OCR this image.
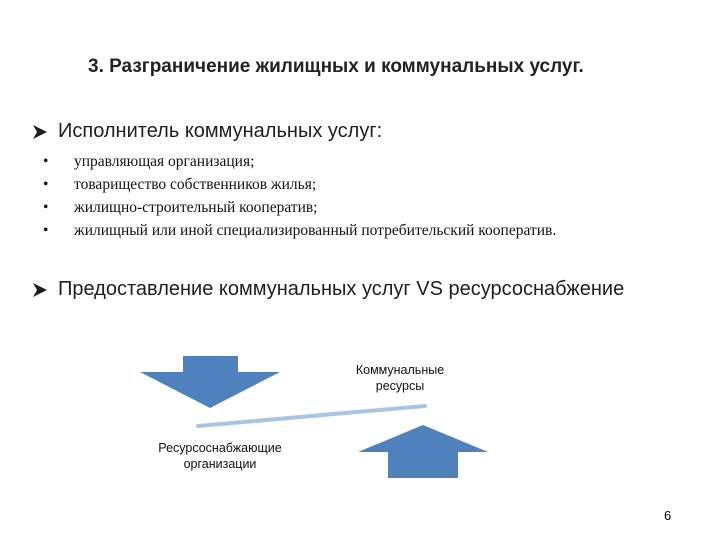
3. Разграничение жилищных и коммунальных услуг.
Исполнитель коммунальных услуг:
• управляющая организация;
• товарищество собственников жилья;
• жилищно-строительный кооператив;
• жилищный или иной специализированный потребительский кооператив.
Предоставление коммунальных услуг VS ресурсоснабжение
Коммунальные ресурсы
Ресурсоснабжающие организации
6
